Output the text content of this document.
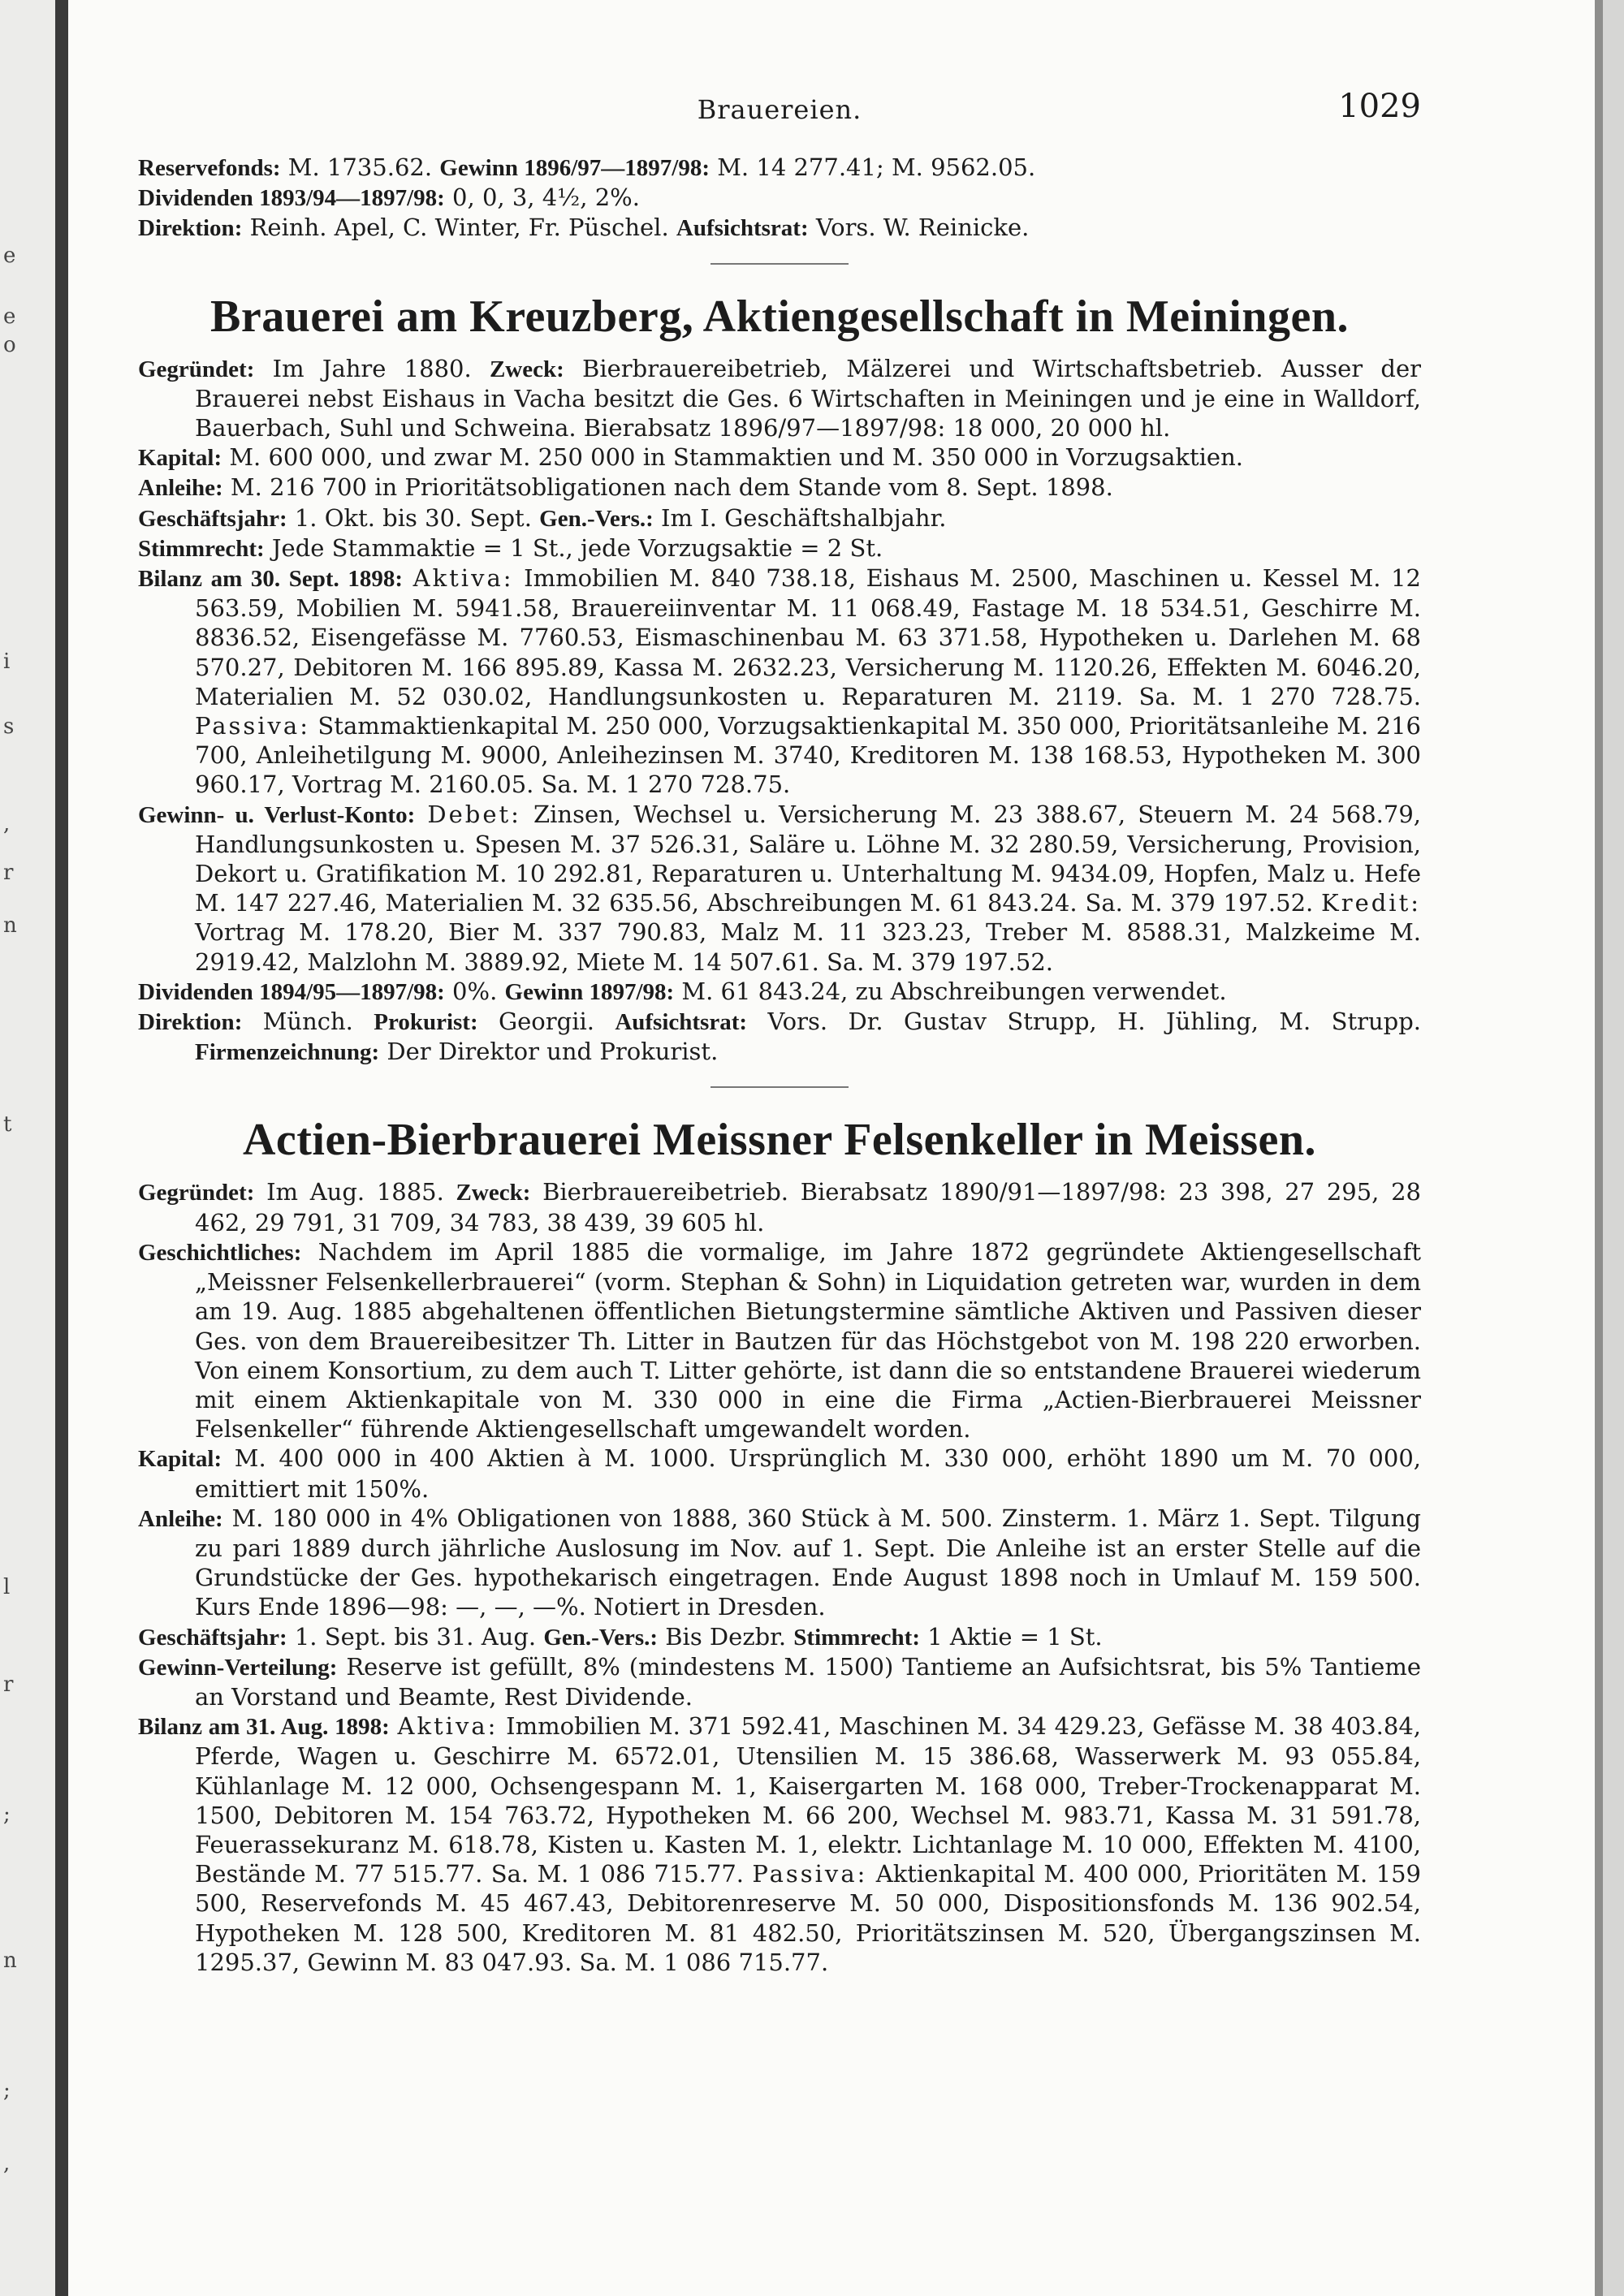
e
e
o
i
s
,
r
n
t
l
r
;
n
;
,
Brauereien.	1029

Reservefonds: M. 1735.62. Gewinn 1896/97—1897/98: M. 14 277.41; M. 9562.05.

Dividenden 1893/94—1897/98: 0, 0, 3, 4½, 2%.

Direktion: Reinh. Apel, C. Winter, Fr. Püschel. Aufsichtsrat: Vors. W. Reinicke.

Brauerei am Kreuzberg, Aktiengesellschaft in Meiningen.

Gegründet: Im Jahre 1880. Zweck: Bierbrauereibetrieb, Mälzerei und Wirtschaftsbetrieb. Ausser der Brauerei nebst Eishaus in Vacha besitzt die Ges. 6 Wirtschaften in Meiningen und je eine in Walldorf, Bauerbach, Suhl und Schweina. Bierabsatz 1896/97—1897/98: 18 000, 20 000 hl.

Kapital: M. 600 000, und zwar M. 250 000 in Stammaktien und M. 350 000 in Vorzugsaktien.

Anleihe: M. 216 700 in Prioritätsobligationen nach dem Stande vom 8. Sept. 1898.

Geschäftsjahr: 1. Okt. bis 30. Sept. Gen.-Vers.: Im I. Geschäftshalbjahr.

Stimmrecht: Jede Stammaktie = 1 St., jede Vorzugsaktie = 2 St.

Bilanz am 30. Sept. 1898: Aktiva: Immobilien M. 840 738.18, Eishaus M. 2500, Maschinen u. Kessel M. 12 563.59, Mobilien M. 5941.58, Brauereiinventar M. 11 068.49, Fastage M. 18 534.51, Geschirre M. 8836.52, Eisengefässe M. 7760.53, Eismaschinenbau M. 63 371.58, Hypotheken u. Darlehen M. 68 570.27, Debitoren M. 166 895.89, Kassa M. 2632.23, Versicherung M. 1120.26, Effekten M. 6046.20, Materialien M. 52 030.02, Handlungsunkosten u. Reparaturen M. 2119. Sa. M. 1 270 728.75. Passiva: Stammaktienkapital M. 250 000, Vorzugsaktienkapital M. 350 000, Prioritätsanleihe M. 216 700, Anleihetilgung M. 9000, Anleihezinsen M. 3740, Kreditoren M. 138 168.53, Hypotheken M. 300 960.17, Vortrag M. 2160.05. Sa. M. 1 270 728.75.

Gewinn- u. Verlust-Konto: Debet: Zinsen, Wechsel u. Versicherung M. 23 388.67, Steuern M. 24 568.79, Handlungsunkosten u. Spesen M. 37 526.31, Saläre u. Löhne M. 32 280.59, Versicherung, Provision, Dekort u. Gratifikation M. 10 292.81, Reparaturen u. Unterhaltung M. 9434.09, Hopfen, Malz u. Hefe M. 147 227.46, Materialien M. 32 635.56, Abschreibungen M. 61 843.24. Sa. M. 379 197.52. Kredit: Vortrag M. 178.20, Bier M. 337 790.83, Malz M. 11 323.23, Treber M. 8588.31, Malzkeime M. 2919.42, Malzlohn M. 3889.92, Miete M. 14 507.61. Sa. M. 379 197.52.

Dividenden 1894/95—1897/98: 0%. Gewinn 1897/98: M. 61 843.24, zu Abschreibungen verwendet.

Direktion: Münch. Prokurist: Georgii. Aufsichtsrat: Vors. Dr. Gustav Strupp, H. Jühling, M. Strupp. Firmenzeichnung: Der Direktor und Prokurist.

Actien-Bierbrauerei Meissner Felsenkeller in Meissen.

Gegründet: Im Aug. 1885. Zweck: Bierbrauereibetrieb. Bierabsatz 1890/91—1897/98: 23 398, 27 295, 28 462, 29 791, 31 709, 34 783, 38 439, 39 605 hl.

Geschichtliches: Nachdem im April 1885 die vormalige, im Jahre 1872 gegründete Aktiengesellschaft „Meissner Felsenkellerbrauerei“ (vorm. Stephan & Sohn) in Liquidation getreten war, wurden in dem am 19. Aug. 1885 abgehaltenen öffentlichen Bietungstermine sämtliche Aktiven und Passiven dieser Ges. von dem Brauereibesitzer Th. Litter in Bautzen für das Höchstgebot von M. 198 220 erworben. Von einem Konsortium, zu dem auch T. Litter gehörte, ist dann die so entstandene Brauerei wiederum mit einem Aktienkapitale von M. 330 000 in eine die Firma „Actien-Bierbrauerei Meissner Felsenkeller“ führende Aktiengesellschaft umgewandelt worden.

Kapital: M. 400 000 in 400 Aktien à M. 1000. Ursprünglich M. 330 000, erhöht 1890 um M. 70 000, emittiert mit 150%.

Anleihe: M. 180 000 in 4% Obligationen von 1888, 360 Stück à M. 500. Zinsterm. 1. März 1. Sept. Tilgung zu pari 1889 durch jährliche Auslosung im Nov. auf 1. Sept. Die Anleihe ist an erster Stelle auf die Grundstücke der Ges. hypothekarisch eingetragen. Ende August 1898 noch in Umlauf M. 159 500. Kurs Ende 1896—98: —, —, —%. Notiert in Dresden.

Geschäftsjahr: 1. Sept. bis 31. Aug. Gen.-Vers.: Bis Dezbr. Stimmrecht: 1 Aktie = 1 St.

Gewinn-Verteilung: Reserve ist gefüllt, 8% (mindestens M. 1500) Tantieme an Aufsichtsrat, bis 5% Tantieme an Vorstand und Beamte, Rest Dividende.

Bilanz am 31. Aug. 1898: Aktiva: Immobilien M. 371 592.41, Maschinen M. 34 429.23, Gefässe M. 38 403.84, Pferde, Wagen u. Geschirre M. 6572.01, Utensilien M. 15 386.68, Wasserwerk M. 93 055.84, Kühlanlage M. 12 000, Ochsengespann M. 1, Kaisergarten M. 168 000, Treber-Trockenapparat M. 1500, Debitoren M. 154 763.72, Hypotheken M. 66 200, Wechsel M. 983.71, Kassa M. 31 591.78, Feuerassekuranz M. 618.78, Kisten u. Kasten M. 1, elektr. Lichtanlage M. 10 000, Effekten M. 4100, Bestände M. 77 515.77. Sa. M. 1 086 715.77. Passiva: Aktienkapital M. 400 000, Prioritäten M. 159 500, Reservefonds M. 45 467.43, Debitorenreserve M. 50 000, Dispositionsfonds M. 136 902.54, Hypotheken M. 128 500, Kreditoren M. 81 482.50, Prioritätszinsen M. 520, Übergangszinsen M. 1295.37, Gewinn M. 83 047.93. Sa. M. 1 086 715.77.
